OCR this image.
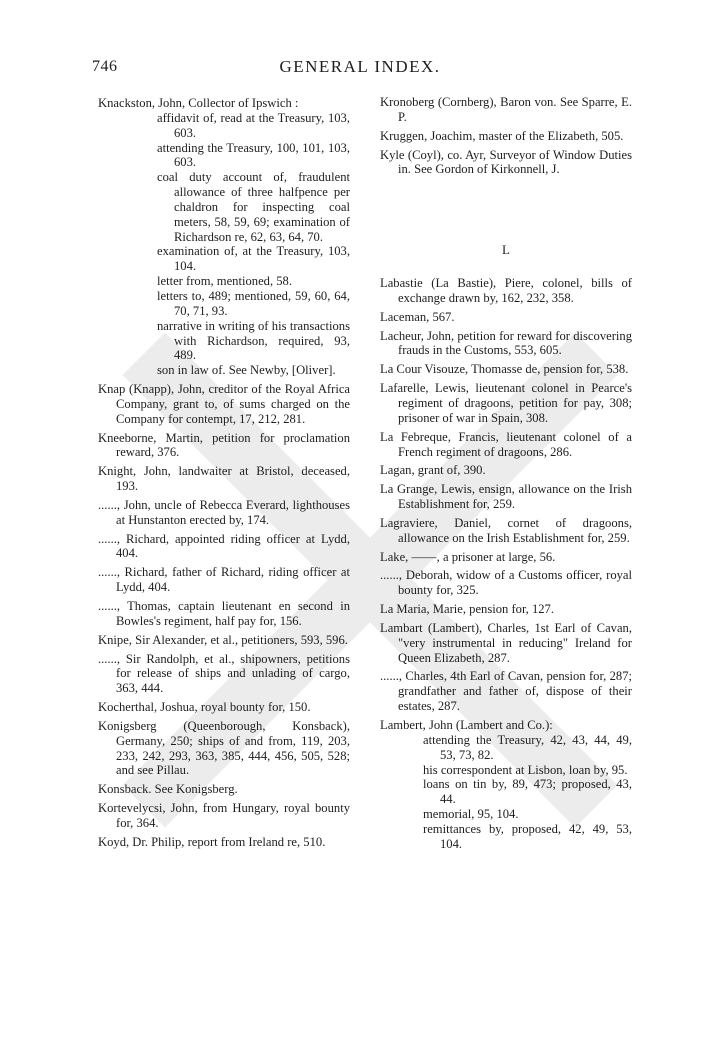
746	GENERAL INDEX.

Knackston, John, Collector of Ipswich :

affidavit of, read at the Treasury, 103, 603.

attending the Treasury, 100, 101, 103, 603.

coal duty account of, fraudulent allowance of three halfpence per chaldron for inspecting coal meters, 58, 59, 69; examination of Richardson re, 62, 63, 64, 70.

examination of, at the Treasury, 103, 104.

letter from, mentioned, 58.

letters to, 489; mentioned, 59, 60, 64, 70, 71, 93.

narrative in writing of his transactions with Richardson, required, 93, 489.

son in law of. See Newby, [Oliver].

Knap (Knapp), John, creditor of the Royal Africa Company, grant to, of sums charged on the Company for contempt, 17, 212, 281.

Kneeborne, Martin, petition for proclamation reward, 376.

Knight, John, landwaiter at Bristol, deceased, 193.

......, John, uncle of Rebecca Everard, lighthouses at Hunstanton erected by, 174.

......, Richard, appointed riding officer at Lydd, 404.

......, Richard, father of Richard, riding officer at Lydd, 404.

......, Thomas, captain lieutenant en second in Bowles's regiment, half pay for, 156.

Knipe, Sir Alexander, et al., petitioners, 593, 596.

......, Sir Randolph, et al., shipowners, petitions for release of ships and unlading of cargo, 363, 444.

Kocherthal, Joshua, royal bounty for, 150.

Konigsberg (Queenborough, Konsback), Germany, 250; ships of and from, 119, 203, 233, 242, 293, 363, 385, 444, 456, 505, 528; and see Pillau.

Konsback. See Konigsberg.

Kortevelycsi, John, from Hungary, royal bounty for, 364.

Koyd, Dr. Philip, report from Ireland re, 510.

Kronoberg (Cornberg), Baron von. See Sparre, E. P.

Kruggen, Joachim, master of the Elizabeth, 505.

Kyle (Coyl), co. Ayr, Surveyor of Window Duties in. See Gordon of Kirkonnell, J.

L

Labastie (La Bastie), Piere, colonel, bills of exchange drawn by, 162, 232, 358.

Laceman, 567.

Lacheur, John, petition for reward for discovering frauds in the Customs, 553, 605.

La Cour Visouze, Thomasse de, pension for, 538.

Lafarelle, Lewis, lieutenant colonel in Pearce's regiment of dragoons, petition for pay, 308; prisoner of war in Spain, 308.

La Febreque, Francis, lieutenant colonel of a French regiment of dragoons, 286.

Lagan, grant of, 390.

La Grange, Lewis, ensign, allowance on the Irish Establishment for, 259.

Lagraviere, Daniel, cornet of dragoons, allowance on the Irish Establishment for, 259.

Lake, ——, a prisoner at large, 56.

......, Deborah, widow of a Customs officer, royal bounty for, 325.

La Maria, Marie, pension for, 127.

Lambart (Lambert), Charles, 1st Earl of Cavan, "very instrumental in reducing" Ireland for Queen Elizabeth, 287.

......, Charles, 4th Earl of Cavan, pension for, 287; grandfather and father of, dispose of their estates, 287.

Lambert, John (Lambert and Co.):

attending the Treasury, 42, 43, 44, 49, 53, 73, 82.

his correspondent at Lisbon, loan by, 95.

loans on tin by, 89, 473; proposed, 43, 44.

memorial, 95, 104.

remittances by, proposed, 42, 49, 53, 104.
